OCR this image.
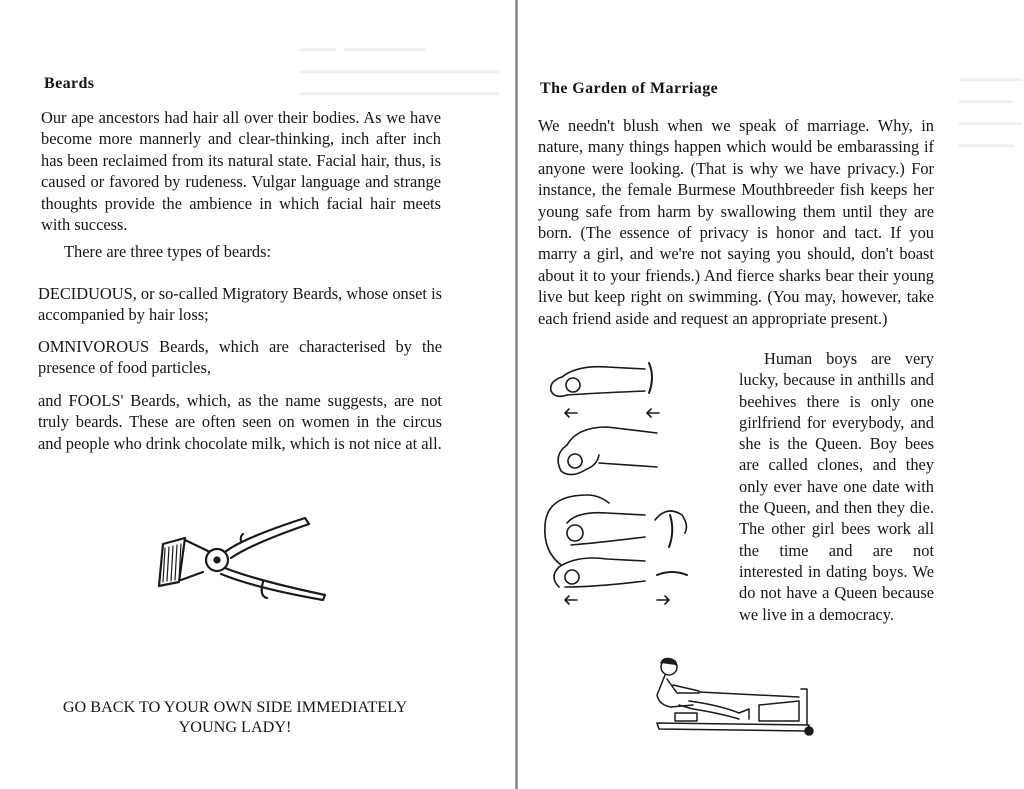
━━━━  ━━━━━━━━━
━━━━━━━━━━━━━━━━━━━━━━
━━━━━━━━━━━━━━━━━━━━━━
Beards
Our ape ancestors had hair all over their bodies. As we have become more mannerly and clear-thinking, inch after inch has been reclaimed from its natural state. Facial hair, thus, is caused or favored by rudeness. Vulgar language and strange thoughts provide the ambience in which facial hair meets with success.
There are three types of beards:
DECIDUOUS, or so-called Migratory Beards, whose onset is accompanied by hair loss;
OMNIVOROUS Beards, which are characterised by the presence of food particles,
and FOOLS' Beards, which, as the name suggests, are not truly beards. These are often seen on women in the circus and people who drink chocolate milk, which is not nice at all.
GO BACK TO YOUR OWN SIDE IMMEDIATELY
YOUNG LADY!
━━━━━━━
━━━━━━
━━━━━━━
━━━━━━
The Garden of Marriage
We needn't blush when we speak of marriage. Why, in nature, many things happen which would be embarassing if anyone were looking. (That is why we have privacy.) For instance, the female Burmese Mouthbreeder fish keeps her young safe from harm by swallowing them until they are born. (The essence of privacy is honor and tact. If you marry a girl, and we're not saying you should, don't boast about it to your friends.) And fierce sharks bear their young live but keep right on swimming. (You may, however, take each friend aside and request an appropriate present.)
Human boys are very lucky, because in anthills and beehives there is only one girlfriend for everybody, and she is the Queen. Boy bees are called clones, and they only ever have one date with the Queen, and then they die. The other girl bees work all the time and are not interested in dating boys. We do not have a Queen because we live in a democracy.
